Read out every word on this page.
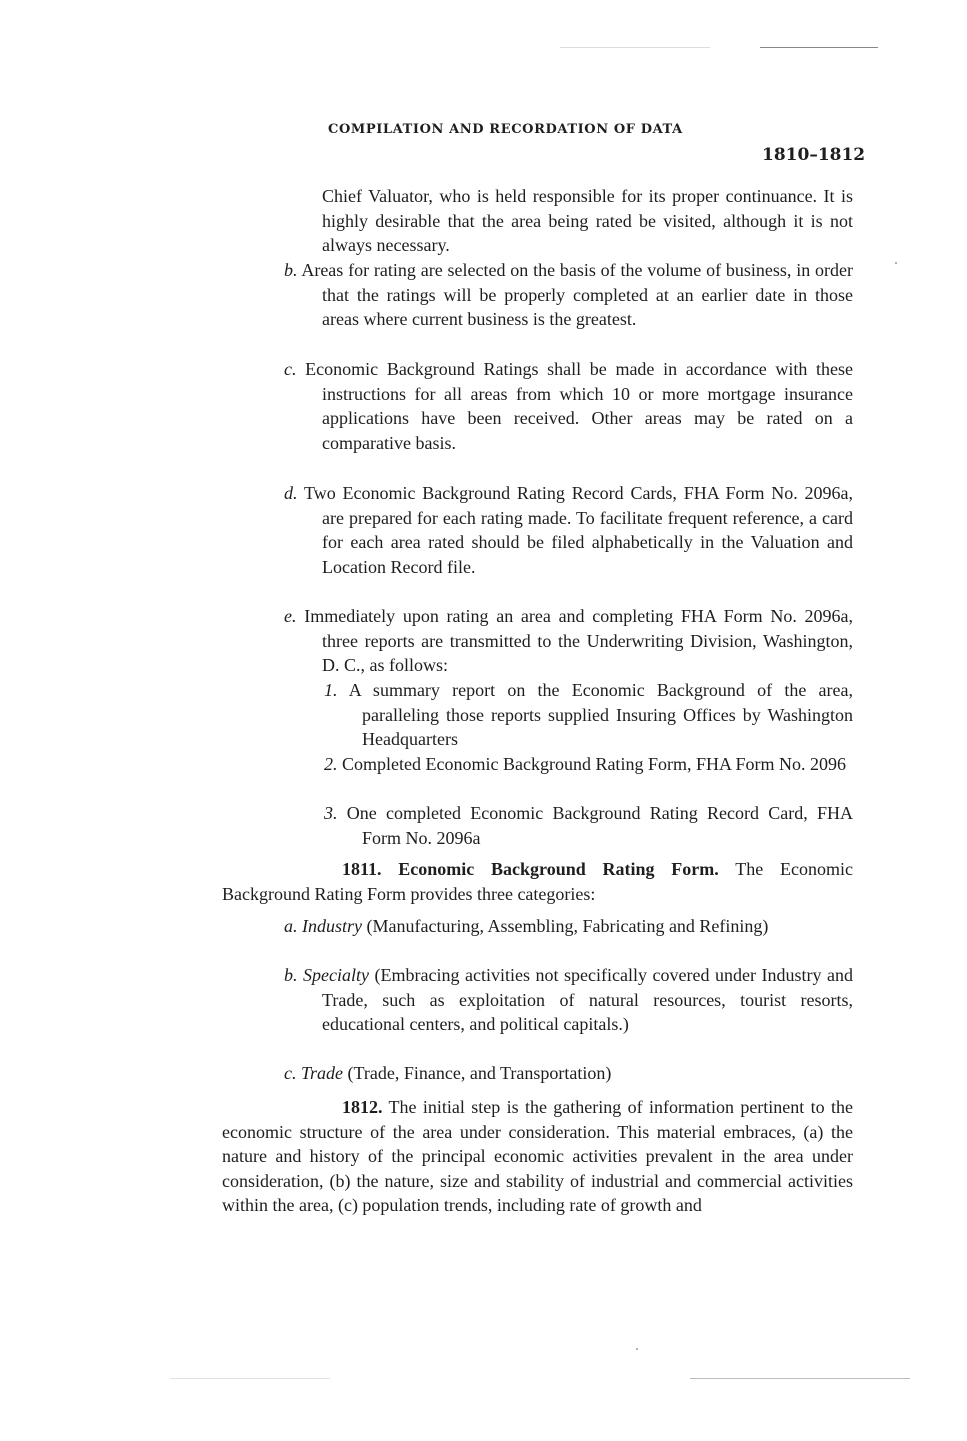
COMPILATION AND RECORDATION OF DATA
1810–1812
Chief Valuator, who is held responsible for its proper continuance. It is highly desirable that the area being rated be visited, although it is not always necessary.
b. Areas for rating are selected on the basis of the volume of business, in order that the ratings will be properly completed at an earlier date in those areas where current business is the greatest.
c. Economic Background Ratings shall be made in accordance with these instructions for all areas from which 10 or more mortgage insurance applications have been received. Other areas may be rated on a comparative basis.
d. Two Economic Background Rating Record Cards, FHA Form No. 2096a, are prepared for each rating made. To facilitate frequent reference, a card for each area rated should be filed alphabetically in the Valuation and Location Record file.
e. Immediately upon rating an area and completing FHA Form No. 2096a, three reports are transmitted to the Underwriting Division, Washington, D. C., as follows:
1. A summary report on the Economic Background of the area, paralleling those reports supplied Insuring Offices by Washington Headquarters
2. Completed Economic Background Rating Form, FHA Form No. 2096
3. One completed Economic Background Rating Record Card, FHA Form No. 2096a
1811. Economic Background Rating Form. The Economic Background Rating Form provides three categories:
a. Industry (Manufacturing, Assembling, Fabricating and Refining)
b. Specialty (Embracing activities not specifically covered under Industry and Trade, such as exploitation of natural resources, tourist resorts, educational centers, and political capitals.)
c. Trade (Trade, Finance, and Transportation)
1812. The initial step is the gathering of information pertinent to the economic structure of the area under consideration. This material embraces, (a) the nature and history of the principal economic activities prevalent in the area under consideration, (b) the nature, size and stability of industrial and commercial activities within the area, (c) population trends, including rate of growth and
